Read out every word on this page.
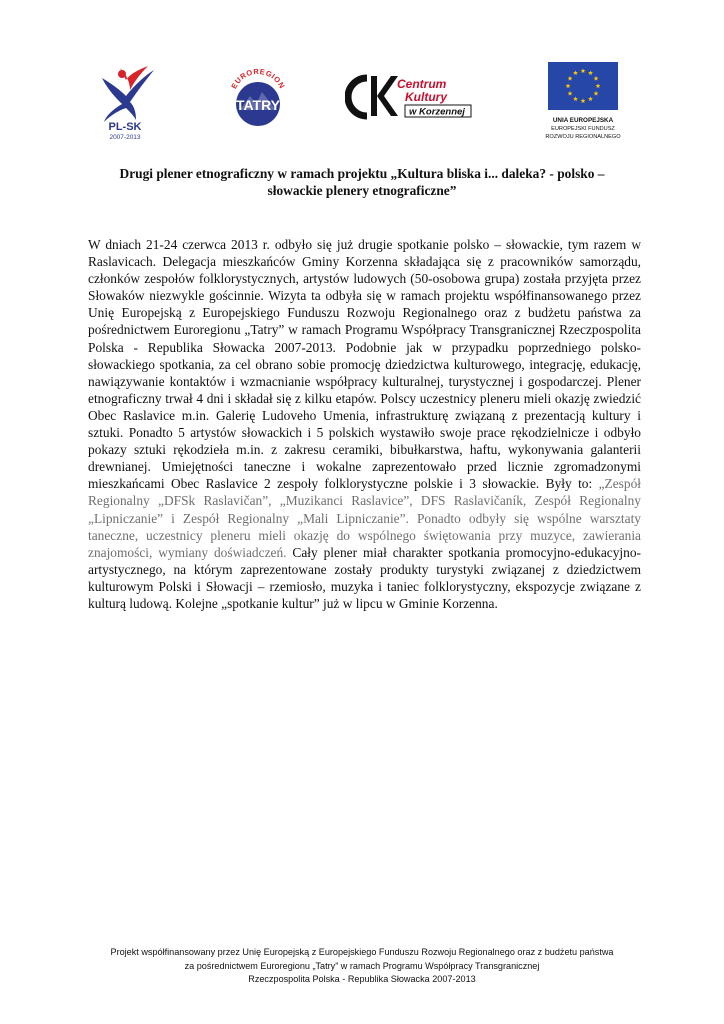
PL-SK
2007-2013
EUROREGION
TATRY
Centrum
Kultury
w Korzennej
UNIA EUROPEJSKA
EUROPEJSKI FUNDUSZ
ROZWOJU REGIONALNEGO
Drugi plener etnograficzny w ramach projektu „Kultura bliska i... daleka? - polsko –
słowackie plenery etnograficzne”

W dniach 21-24 czerwca 2013 r. odbyło się już drugie spotkanie polsko – słowackie, tym razem w Raslavicach. Delegacja mieszkańców Gminy Korzenna składająca się z pracowników samorządu, członków zespołów folklorystycznych, artystów ludowych (50-osobowa grupa) została przyjęta przez Słowaków niezwykle gościnnie. Wizyta ta odbyła się w ramach projektu współfinansowanego przez Unię Europejską z Europejskiego Funduszu Rozwoju Regionalnego oraz z budżetu państwa za pośrednictwem Euroregionu „Tatry” w ramach Programu Współpracy Transgranicznej Rzeczpospolita Polska - Republika Słowacka 2007-2013. Podobnie jak w przypadku poprzedniego polsko-słowackiego spotkania, za cel obrano sobie promocję dziedzictwa kulturowego, integrację, edukację, nawiązywanie kontaktów i wzmacnianie współpracy kulturalnej, turystycznej i gospodarczej. Plener etnograficzny trwał 4 dni i składał się z kilku etapów. Polscy uczestnicy pleneru mieli okazję zwiedzić Obec Raslavice m.in. Galerię Ludoveho Umenia, infrastrukturę związaną z prezentacją kultury i sztuki. Ponadto 5 artystów słowackich i 5 polskich wystawiło swoje prace rękodzielnicze i odbyło pokazy sztuki rękodzieła m.in. z zakresu ceramiki, bibułkarstwa, haftu, wykonywania galanterii drewnianej. Umiejętności taneczne i wokalne zaprezentowało przed licznie zgromadzonymi mieszkańcami Obec Raslavice 2 zespoły folklorystyczne polskie i 3 słowackie. Były to: „Zespół Regionalny „DFSk Raslavičan”, „Muzikanci Raslavice”, DFS Raslavičaník, Zespół Regionalny „Lipniczanie” i Zespół Regionalny „Mali Lipniczanie”. Ponadto odbyły się wspólne warsztaty taneczne, uczestnicy pleneru mieli okazję do wspólnego świętowania przy muzyce, zawierania znajomości, wymiany doświadczeń. Cały plener miał charakter spotkania promocyjno-edukacyjno-artystycznego, na którym zaprezentowane zostały produkty turystyki związanej z dziedzictwem kulturowym Polski i Słowacji – rzemiosło, muzyka i taniec folklorystyczny, ekspozycje związane z kulturą ludową. Kolejne „spotkanie kultur” już w lipcu w Gminie Korzenna.

Projekt współfinansowany przez Unię Europejską z Europejskiego Funduszu Rozwoju Regionalnego oraz z budżetu państwa
za pośrednictwem Euroregionu „Tatry” w ramach Programu Współpracy Transgranicznej
Rzeczpospolita Polska - Republika Słowacka 2007-2013
